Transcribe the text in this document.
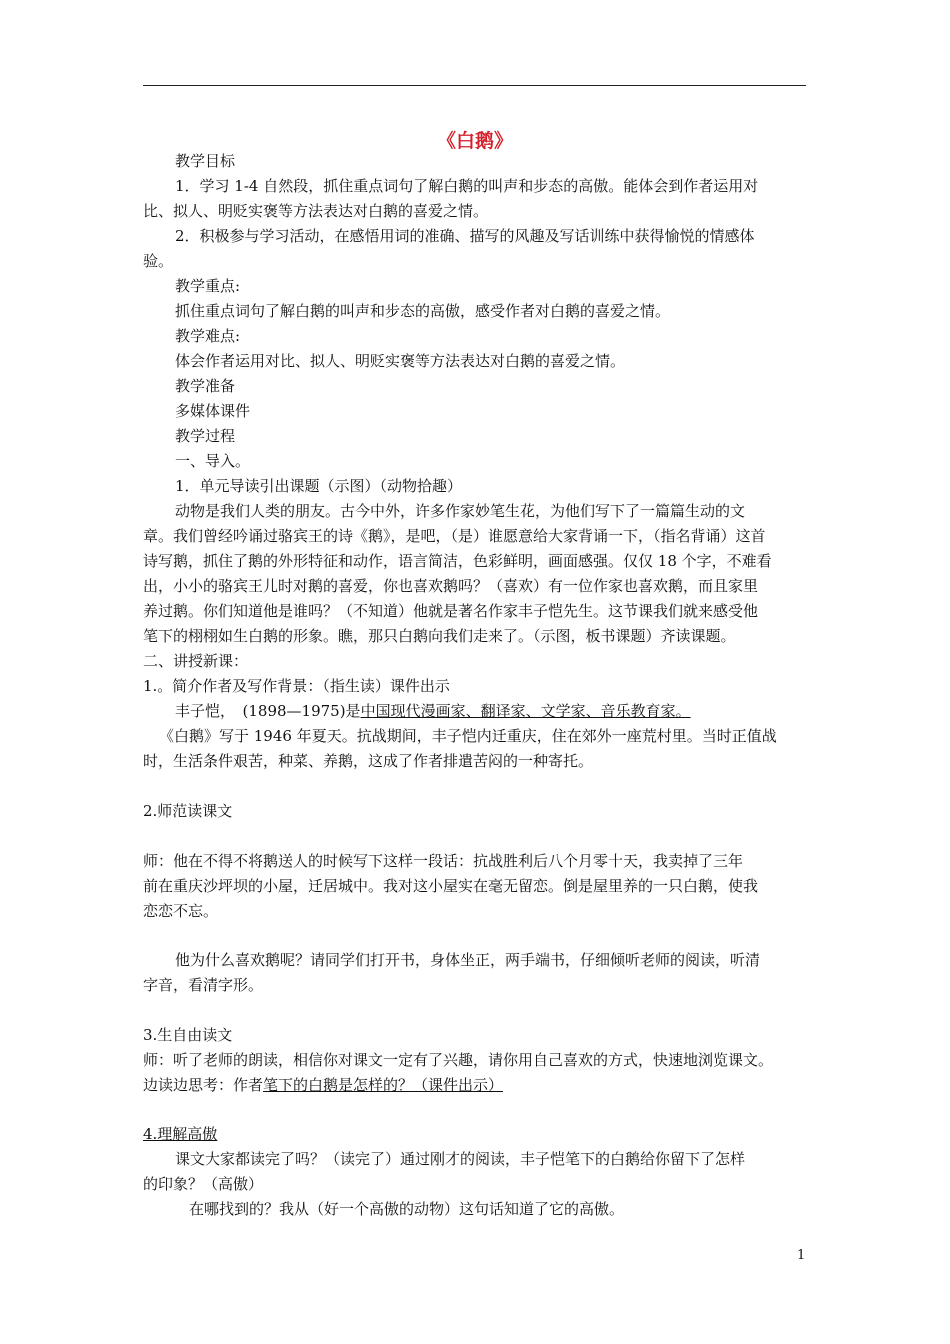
《白鹅》
教学目标
1．学习 1-4 自然段，抓住重点词句了解白鹅的叫声和步态的高傲。能体会到作者运用对
比、拟人、明贬实褒等方法表达对白鹅的喜爱之情。
2．积极参与学习活动，在感悟用词的准确、描写的风趣及写话训练中获得愉悦的情感体
验。
教学重点:
抓住重点词句了解白鹅的叫声和步态的高傲，感受作者对白鹅的喜爱之情。
教学难点:
体会作者运用对比、拟人、明贬实褒等方法表达对白鹅的喜爱之情。
教学准备
多媒体课件
教学过程
一、导入。
1．单元导读引出课题（示图）（动物拾趣）
动物是我们人类的朋友。古今中外，许多作家妙笔生花，为他们写下了一篇篇生动的文
章。我们曾经吟诵过骆宾王的诗《鹅》，是吧，（是）谁愿意给大家背诵一下，（指名背诵）这首
诗写鹅，抓住了鹅的外形特征和动作，语言简洁，色彩鲜明，画面感强。仅仅 18 个字，不难看
出，小小的骆宾王儿时对鹅的喜爱，你也喜欢鹅吗？（喜欢）有一位作家也喜欢鹅，而且家里
养过鹅。你们知道他是谁吗？（不知道）他就是著名作家丰子恺先生。这节课我们就来感受他
笔下的栩栩如生白鹅的形象。瞧，那只白鹅向我们走来了。（示图，板书课题）齐读课题。
二、讲授新课：
1.。简介作者及写作背景：（指生读）课件出示
丰子恺，　(1898—1975)是中国现代漫画家、翻译家、文学家、音乐教育家。
《白鹅》写于 1946 年夏天。抗战期间，丰子恺内迁重庆，住在郊外一座荒村里。当时正值战
时，生活条件艰苦，种菜、养鹅，这成了作者排遣苦闷的一种寄托。
2.师范读课文
师：他在不得不将鹅送人的时候写下这样一段话：抗战胜利后八个月零十天，我卖掉了三年
前在重庆沙坪坝的小屋，迁居城中。我对这小屋实在毫无留恋。倒是屋里养的一只白鹅，使我
恋恋不忘。
他为什么喜欢鹅呢？请同学们打开书，身体坐正，两手端书，仔细倾听老师的阅读，听清
字音，看清字形。
3.生自由读文
师：听了老师的朗读，相信你对课文一定有了兴趣，请你用自己喜欢的方式，快速地浏览课文。
边读边思考：作者笔下的白鹅是怎样的？（课件出示）
4.理解高傲
课文大家都读完了吗？（读完了）通过刚才的阅读，丰子恺笔下的白鹅给你留下了怎样
的印象？（高傲）
在哪找到的？我从（好一个高傲的动物）这句话知道了它的高傲。
1
